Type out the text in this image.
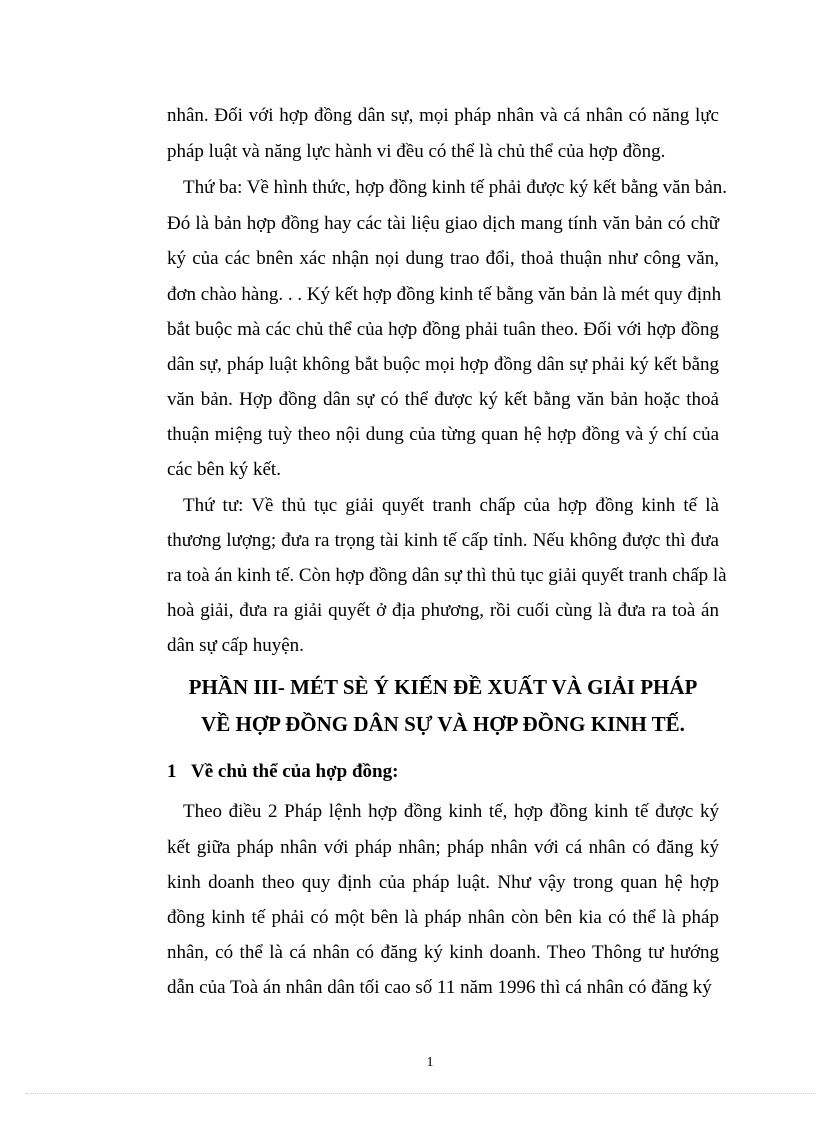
nhân. Đối với hợp đồng dân sự, mọi pháp nhân và cá nhân có năng lực
pháp luật và năng lực hành vi đều có thể là chủ thể của hợp đồng.
Thứ ba: Về hình thức, hợp đồng kinh tế phải được ký kết bằng văn bản.
Đó là bản hợp đồng hay các tài liệu giao dịch mang tính văn bản có chữ
ký của các bnên xác nhận nọi dung trao đổi, thoả thuận như công văn,
đơn chào hàng. . . Ký kết hợp đồng kinh tế bằng văn bản là mét quy định
bắt buộc mà các chủ thể của hợp đồng phải tuân theo. Đối với hợp đồng
dân sự, pháp luật không bắt buộc mọi hợp đồng dân sự phải ký kết bằng
văn bản. Hợp đồng dân sự có thể được ký kết bằng văn bản hoặc thoả
thuận miệng tuỳ theo nội dung của từng quan hệ hợp đồng và ý chí của
các bên ký kết.
Thứ tư: Về thủ tục giải quyết tranh chấp của hợp đồng kinh tế là
thương lượng; đưa ra trọng tài kinh tế cấp tỉnh. Nếu không được thì đưa
ra toà án kinh tế. Còn hợp đồng dân sự thì thủ tục giải quyết tranh chấp là
hoà giải, đưa ra giải quyết ở địa phương, rồi cuối cùng là đưa ra toà án
dân sự cấp huyện.
PHẦN III- MÉT SÈ Ý KIẾN ĐỀ XUẤT VÀ GIẢI PHÁP
VỀ HỢP ĐỒNG DÂN SỰ VÀ HỢP ĐỒNG KINH TẾ.
1 Về chủ thể của hợp đồng:
Theo điều 2 Pháp lệnh hợp đồng kinh tế, hợp đồng kinh tế được ký
kết giữa pháp nhân với pháp nhân; pháp nhân với cá nhân có đăng ký
kinh doanh theo quy định của pháp luật. Như vậy trong quan hệ hợp
đồng kinh tế phải có một bên là pháp nhân còn bên kia có thể là pháp
nhân, có thể là cá nhân có đăng ký kinh doanh. Theo Thông tư hướng
dẫn của Toà án nhân dân tối cao số 11 năm 1996 thì cá nhân có đăng ký
1
